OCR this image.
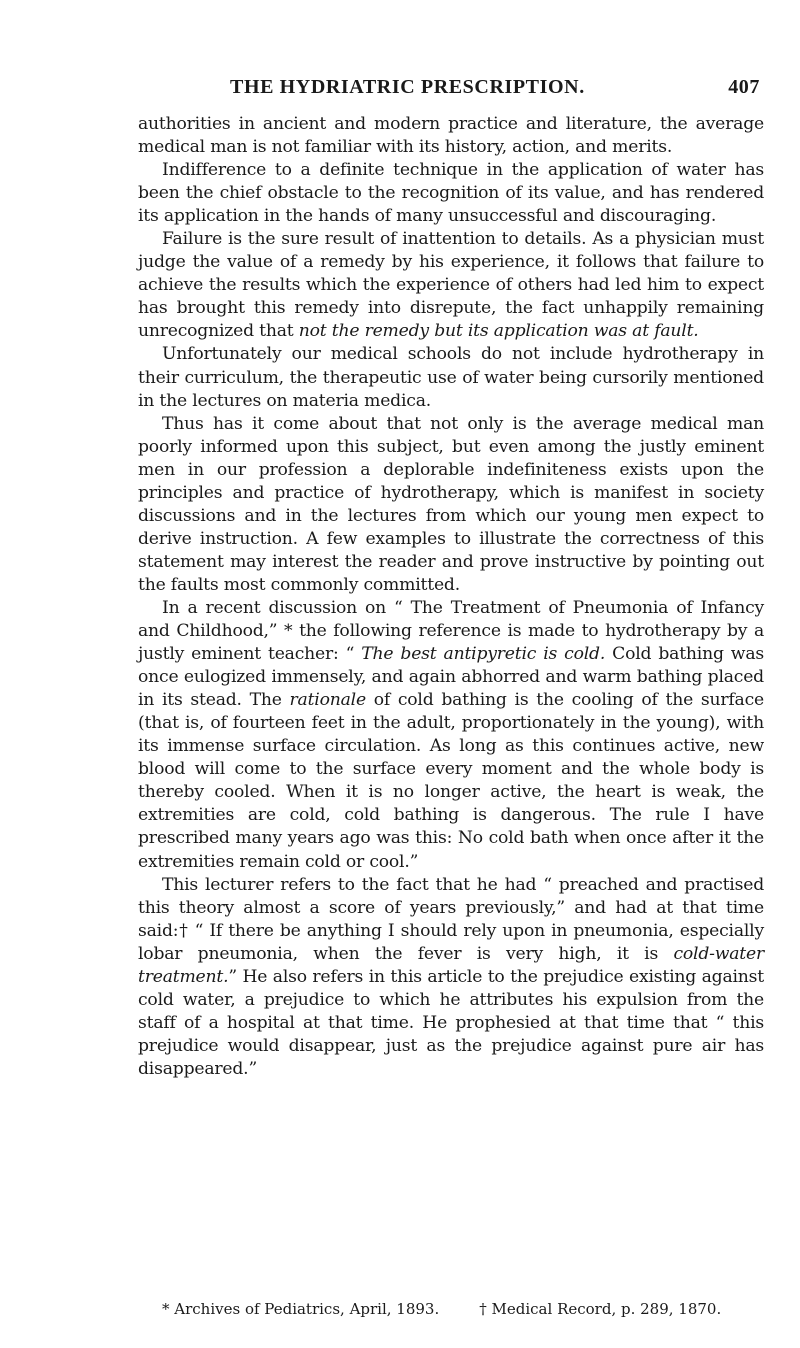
THE HYDRIATRIC PRESCRIPTION.	407

authorities in ancient and modern practice and literature, the average medical man is not familiar with its history, action, and merits.

Indifference to a definite technique in the application of water has been the chief obstacle to the recognition of its value, and has rendered its application in the hands of many unsuccessful and discouraging.

Failure is the sure result of inattention to details. As a physician must judge the value of a remedy by his experience, it follows that failure to achieve the results which the experience of others had led him to expect has brought this remedy into disrepute, the fact unhappily remaining unrecognized that not the remedy but its application was at fault.

Unfortunately our medical schools do not include hydrotherapy in their curriculum, the therapeutic use of water being cursorily mentioned in the lectures on materia medica.

Thus has it come about that not only is the average medical man poorly informed upon this subject, but even among the justly eminent men in our profession a deplorable indefiniteness exists upon the principles and practice of hydrotherapy, which is manifest in society discussions and in the lectures from which our young men expect to derive instruction. A few examples to illustrate the correctness of this statement may interest the reader and prove instructive by pointing out the faults most commonly committed.

In a recent discussion on “ The Treatment of Pneumonia of Infancy and Childhood,” * the following reference is made to hydrotherapy by a justly eminent teacher: “ The best antipyretic is cold. Cold bathing was once eulogized immensely, and again abhorred and warm bathing placed in its stead. The rationale of cold bathing is the cooling of the surface (that is, of fourteen feet in the adult, proportionately in the young), with its immense surface circulation. As long as this continues active, new blood will come to the surface every moment and the whole body is thereby cooled. When it is no longer active, the heart is weak, the extremities are cold, cold bathing is dangerous. The rule I have prescribed many years ago was this: No cold bath when once after it the extremities remain cold or cool.”

This lecturer refers to the fact that he had “ preached and practised this theory almost a score of years previously,” and had at that time said:† “ If there be anything I should rely upon in pneumonia, especially lobar pneumonia, when the fever is very high, it is cold-water treatment.” He also refers in this article to the prejudice existing against cold water, a prejudice to which he attributes his expulsion from the staff of a hospital at that time. He prophesied at that time that “ this prejudice would disappear, just as the prejudice against pure air has disappeared.”

* Archives of Pediatrics, April, 1893.	† Medical Record, p. 289, 1870.
